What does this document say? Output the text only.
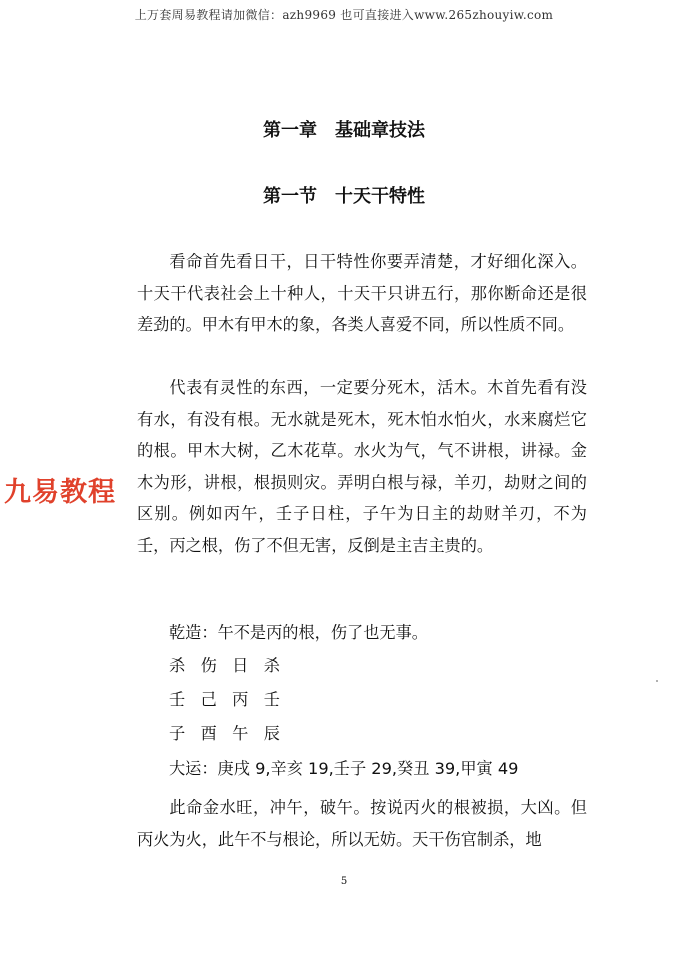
上万套周易教程请加微信：azh9969 也可直接进入www.265zhouyiw.com
第一章　基础章技法
第一节　十天干特性
九易教程

看命首先看日干，日干特性你要弄清楚，才好细化深入。十天干代表社会上十种人，十天干只讲五行，那你断命还是很差劲的。甲木有甲木的象，各类人喜爱不同，所以性质不同。

代表有灵性的东西，一定要分死木，活木。木首先看有没有水，有没有根。无水就是死木，死木怕水怕火，水来腐烂它的根。甲木大树，乙木花草。水火为气，气不讲根，讲禄。金木为形，讲根，根损则灾。弄明白根与禄，羊刃，劫财之间的区别。例如丙午，壬子日柱，子午为日主的劫财羊刃，不为壬，丙之根，伤了不但无害，反倒是主吉主贵的。

乾造：午不是丙的根，伤了也无事。
杀伤日杀
壬己丙壬
子酉午辰
大运：庚戌 9,辛亥 19,壬子 29,癸丑 39,甲寅 49

此命金水旺，冲午，破午。按说丙火的根被损，大凶。但丙火为火，此午不与根论，所以无妨。天干伤官制杀，地

5
